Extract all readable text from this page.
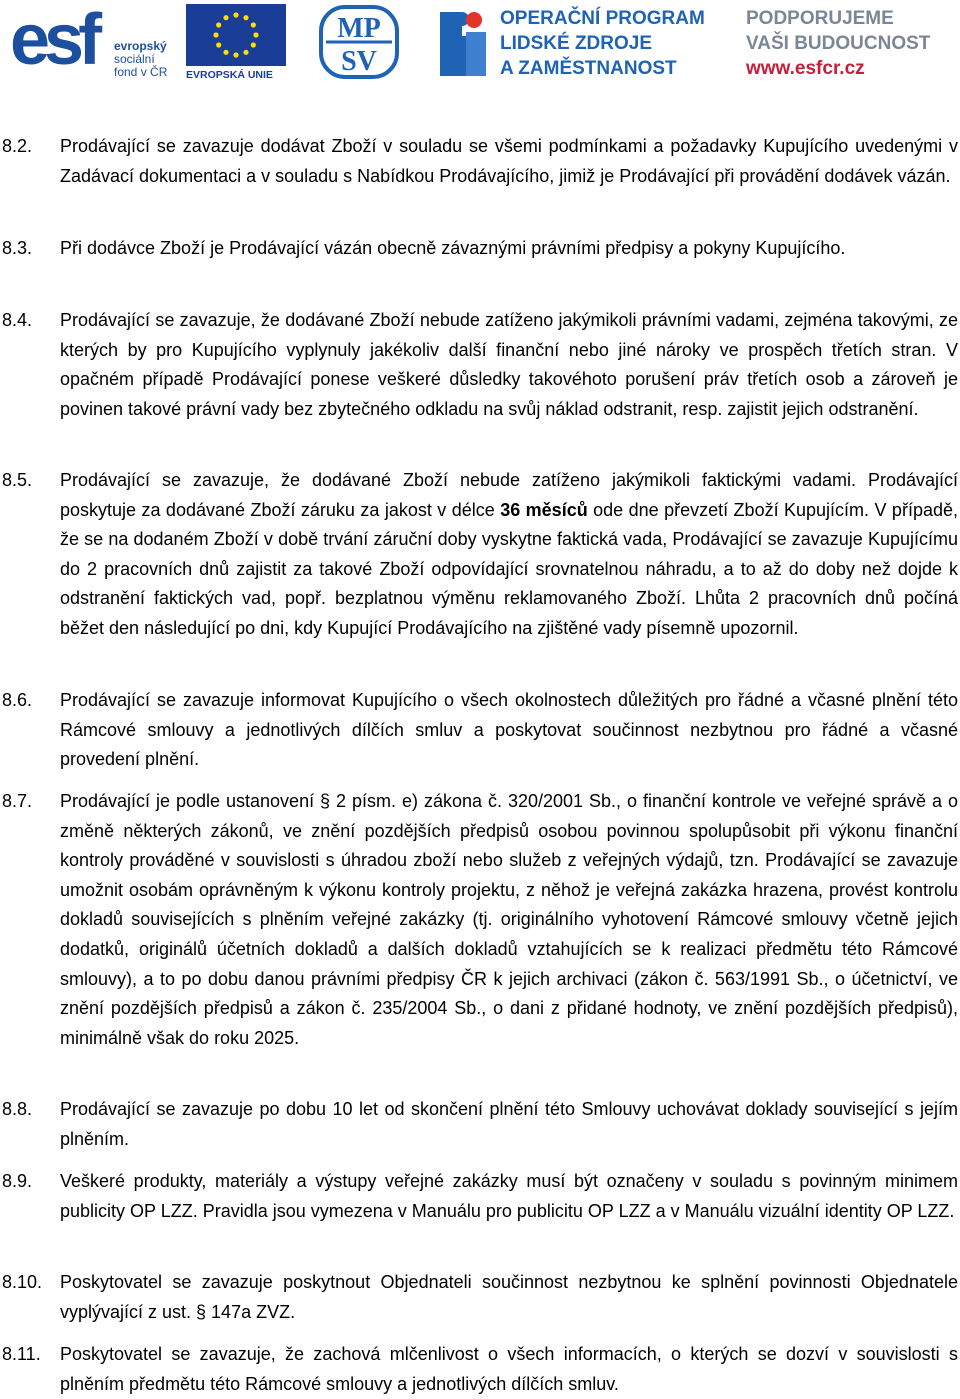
esf evropský
sociální
fond v ČR	EVROPSKÁ UNIE
MP
SV
OPERAČNÍ PROGRAM
LIDSKÉ ZDROJE
A ZAMĚSTNANOST
PODPORUJEME
VAŠI BUDOUCNOST
www.esfcr.cz
8.2. Prodávající se zavazuje dodávat Zboží v souladu se všemi podmínkami a požadavky Kupujícího uvedenými v Zadávací dokumentaci a v souladu s Nabídkou Prodávajícího, jimiž je Prodávající při provádění dodávek vázán.
8.3. Při dodávce Zboží je Prodávající vázán obecně závaznými právními předpisy a pokyny Kupujícího.
8.4. Prodávající se zavazuje, že dodávané Zboží nebude zatíženo jakýmikoli právními vadami, zejména takovými, ze kterých by pro Kupujícího vyplynuly jakékoliv další finanční nebo jiné nároky ve prospěch třetích stran. V opačném případě Prodávající ponese veškeré důsledky takovéhoto porušení práv třetích osob a zároveň je povinen takové právní vady bez zbytečného odkladu na svůj náklad odstranit, resp. zajistit jejich odstranění.
8.5. Prodávající se zavazuje, že dodávané Zboží nebude zatíženo jakýmikoli faktickými vadami. Prodávající poskytuje za dodávané Zboží záruku za jakost v délce 36 měsíců ode dne převzetí Zboží Kupujícím. V případě, že se na dodaném Zboží v době trvání záruční doby vyskytne faktická vada, Prodávající se zavazuje Kupujícímu do 2 pracovních dnů zajistit za takové Zboží odpovídající srovnatelnou náhradu, a to až do doby než dojde k odstranění faktických vad, popř. bezplatnou výměnu reklamovaného Zboží. Lhůta 2 pracovních dnů počíná běžet den následující po dni, kdy Kupující Prodávajícího na zjištěné vady písemně upozornil.
8.6. Prodávající se zavazuje informovat Kupujícího o všech okolnostech důležitých pro řádné a včasné plnění této Rámcové smlouvy a jednotlivých dílčích smluv a poskytovat součinnost nezbytnou pro řádné a včasné provedení plnění.
8.7. Prodávající je podle ustanovení § 2 písm. e) zákona č. 320/2001 Sb., o finanční kontrole ve veřejné správě a o změně některých zákonů, ve znění pozdějších předpisů osobou povinnou spolupůsobit při výkonu finanční kontroly prováděné v souvislosti s úhradou zboží nebo služeb z veřejných výdajů, tzn. Prodávající se zavazuje umožnit osobám oprávněným k výkonu kontroly projektu, z něhož je veřejná zakázka hrazena, provést kontrolu dokladů souvisejících s plněním veřejné zakázky (tj. originálního vyhotovení Rámcové smlouvy včetně jejich dodatků, originálů účetních dokladů a dalších dokladů vztahujících se k realizaci předmětu této Rámcové smlouvy), a to po dobu danou právními předpisy ČR k jejich archivaci (zákon č. 563/1991 Sb., o účetnictví, ve znění pozdějších předpisů a zákon č. 235/2004 Sb., o dani z přidané hodnoty, ve znění pozdějších předpisů), minimálně však do roku 2025.
8.8. Prodávající se zavazuje po dobu 10 let od skončení plnění této Smlouvy uchovávat doklady související s jejím plněním.
8.9. Veškeré produkty, materiály a výstupy veřejné zakázky musí být označeny v souladu s povinným minimem publicity OP LZZ. Pravidla jsou vymezena v Manuálu pro publicitu OP LZZ a v Manuálu vizuální identity OP LZZ.
8.10. Poskytovatel se zavazuje poskytnout Objednateli součinnost nezbytnou ke splnění povinnosti Objednatele vyplývající z ust. § 147a ZVZ.
8.11. Poskytovatel se zavazuje, že zachová mlčenlivost o všech informacích, o kterých se dozví v souvislosti s plněním předmětu této Rámcové smlouvy a jednotlivých dílčích smluv.
